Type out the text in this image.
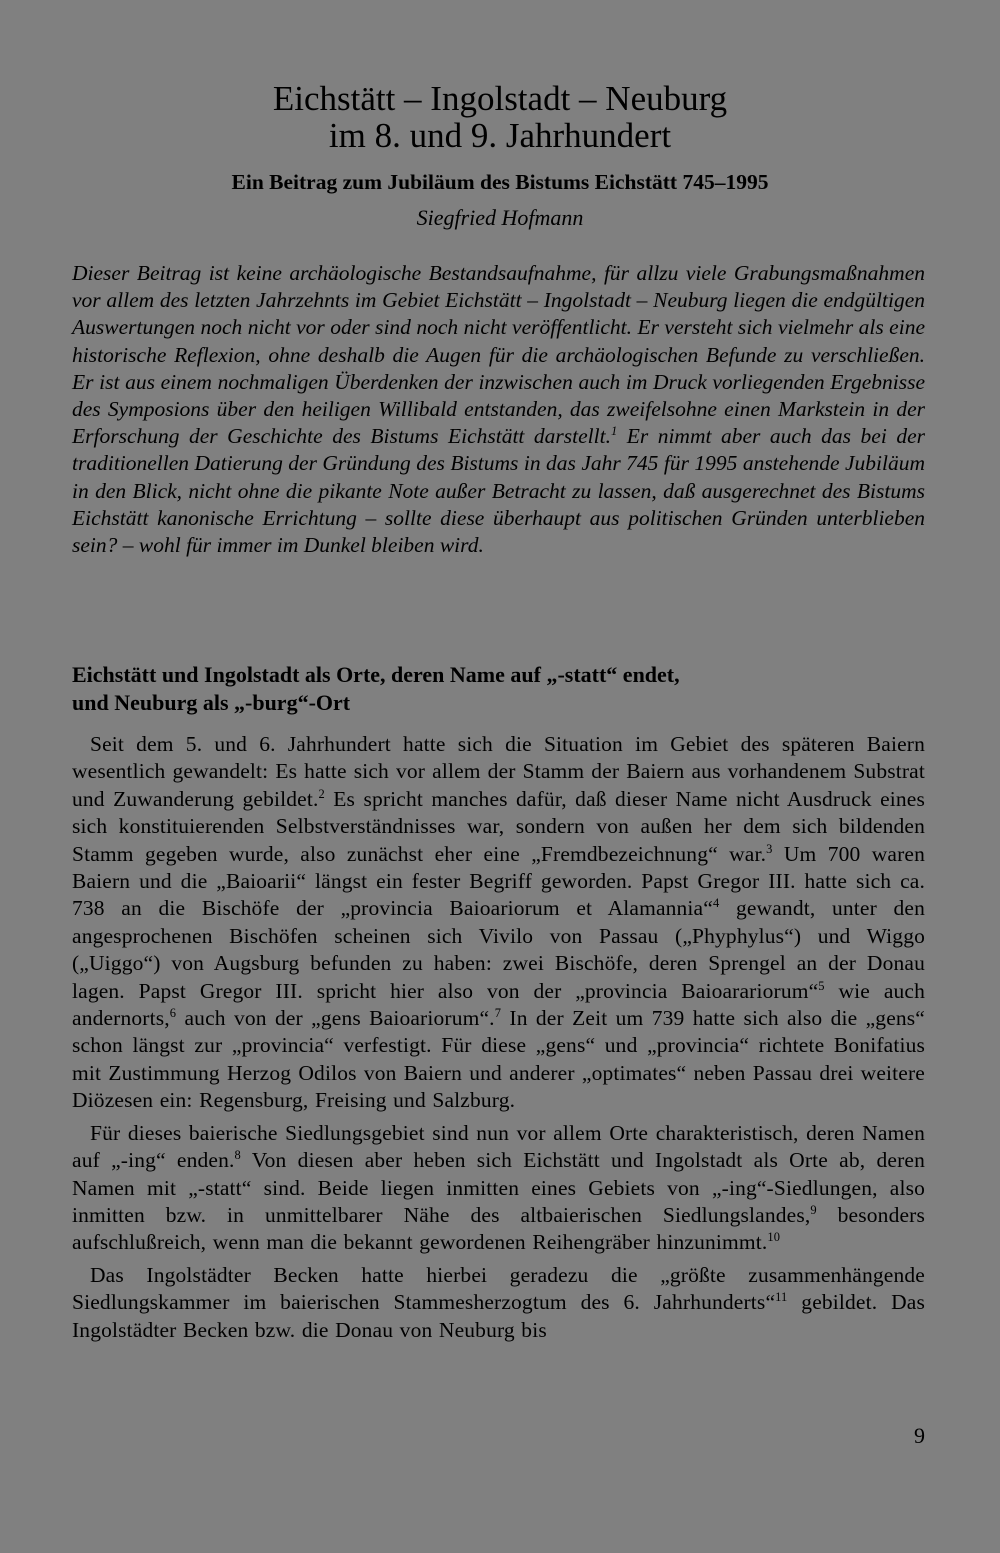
Eichstätt – Ingolstadt – Neuburg
im 8. und 9. Jahrhundert
Ein Beitrag zum Jubiläum des Bistums Eichstätt 745–1995
Siegfried Hofmann

Dieser Beitrag ist keine archäologische Bestandsaufnahme, für allzu viele Grabungsmaßnahmen vor allem des letzten Jahrzehnts im Gebiet Eichstätt – Ingolstadt – Neuburg liegen die endgültigen Auswertungen noch nicht vor oder sind noch nicht veröffentlicht. Er versteht sich vielmehr als eine historische Reflexion, ohne deshalb die Augen für die archäologischen Befunde zu verschließen. Er ist aus einem nochmaligen Überdenken der inzwischen auch im Druck vorliegenden Ergebnisse des Symposions über den heiligen Willibald entstanden, das zweifelsohne einen Markstein in der Erforschung der Geschichte des Bistums Eichstätt darstellt.$^1$ Er nimmt aber auch das bei der traditionellen Datierung der Gründung des Bistums in das Jahr 745 für 1995 anstehende Jubiläum in den Blick, nicht ohne die pikante Note außer Betracht zu lassen, daß ausgerechnet des Bistums Eichstätt kanonische Errichtung – sollte diese überhaupt aus politischen Gründen unterblieben sein? – wohl für immer im Dunkel bleiben wird.

Eichstätt und Ingolstadt als Orte, deren Name auf „-statt“ endet,
und Neuburg als „-burg“-Ort

Seit dem 5. und 6. Jahrhundert hatte sich die Situation im Gebiet des späteren Baiern wesentlich gewandelt: Es hatte sich vor allem der Stamm der Baiern aus vorhandenem Substrat und Zuwanderung gebildet.$^2$ Es spricht manches dafür, daß dieser Name nicht Ausdruck eines sich konstituierenden Selbstverständnisses war, sondern von außen her dem sich bildenden Stamm gegeben wurde, also zunächst eher eine „Fremdbezeichnung“ war.$^3$ Um 700 waren Baiern und die „Baioarii“ längst ein fester Begriff geworden. Papst Gregor III. hatte sich ca. 738 an die Bischöfe der „provincia Baioariorum et Alamannia“$^4$ gewandt, unter den angesprochenen Bischöfen scheinen sich Vivilo von Passau („Phyphylus“) und Wiggo („Uiggo“) von Augsburg befunden zu haben: zwei Bischöfe, deren Sprengel an der Donau lagen. Papst Gregor III. spricht hier also von der „provincia Baioarariorum“$^5$ wie auch andernorts,$^6$ auch von der „gens Baioariorum“.$^7$ In der Zeit um 739 hatte sich also die „gens“ schon längst zur „provincia“ verfestigt. Für diese „gens“ und „provincia“ richtete Bonifatius mit Zustimmung Herzog Odilos von Baiern und anderer „optimates“ neben Passau drei weitere Diözesen ein: Regensburg, Freising und Salzburg.

Für dieses baierische Siedlungsgebiet sind nun vor allem Orte charakteristisch, deren Namen auf „-ing“ enden.$^8$ Von diesen aber heben sich Eichstätt und Ingolstadt als Orte ab, deren Namen mit „-statt“ sind. Beide liegen inmitten eines Gebiets von „-ing“-Siedlungen, also inmitten bzw. in unmittelbarer Nähe des altbaierischen Siedlungslandes,$^9$ besonders aufschlußreich, wenn man die bekannt gewordenen Reihengräber hinzunimmt.$^{10}$

Das Ingolstädter Becken hatte hierbei geradezu die „größte zusammenhängende Siedlungskammer im baierischen Stammesherzogtum des 6. Jahrhunderts“$^{11}$ gebildet. Das Ingolstädter Becken bzw. die Donau von Neuburg bis

9
